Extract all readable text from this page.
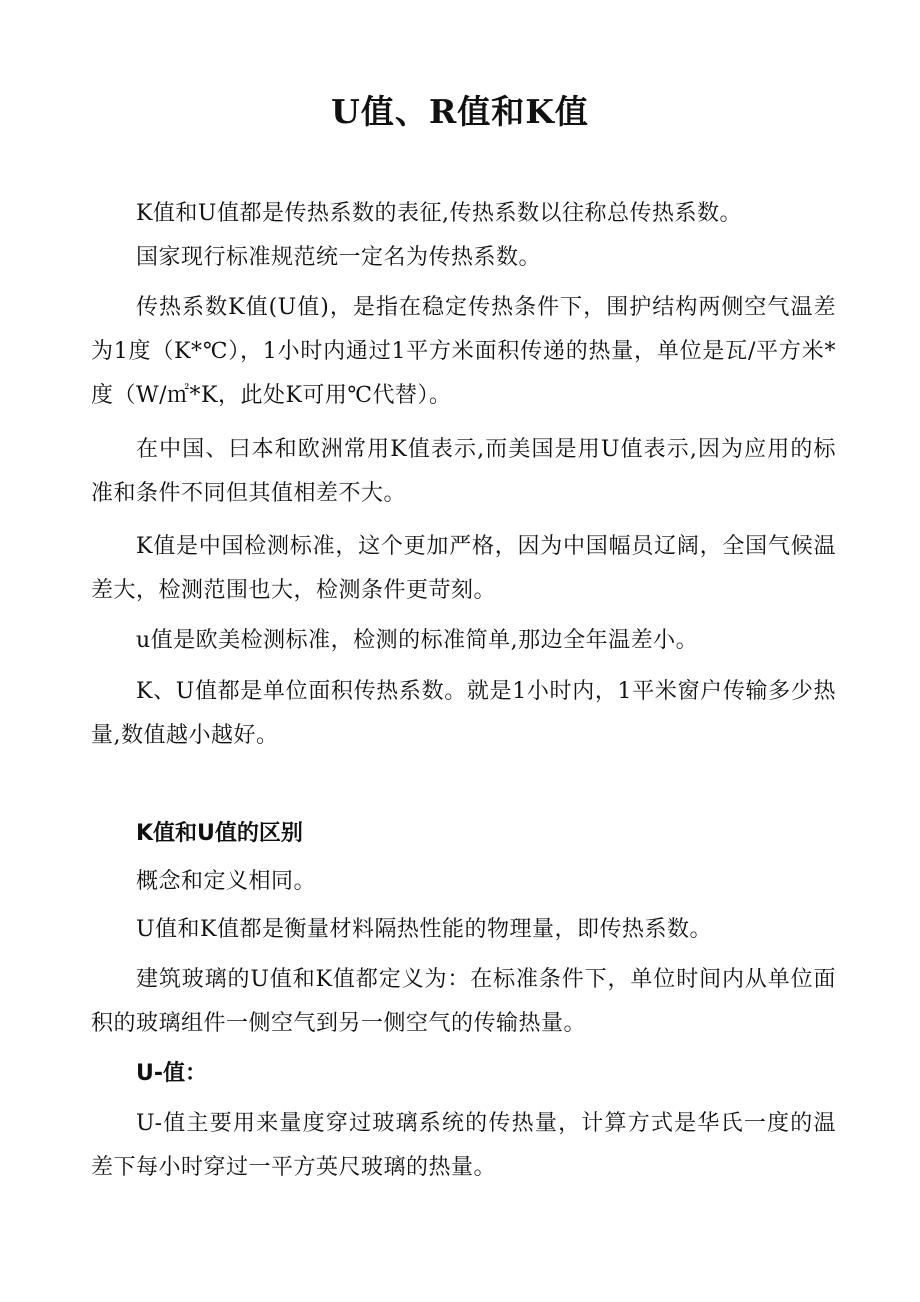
U值、R值和K值

K值和U值都是传热系数的表征,传热系数以往称总传热系数。

国家现行标准规范统一定名为传热系数。

传热系数K值(U值)，是指在稳定传热条件下，围护结构两侧空气温差为1度（K*℃），1小时内通过1平方米面积传递的热量，单位是瓦/平方米*度（W/㎡*K，此处K可用℃代替）。

在中国、曰本和欧洲常用K值表示,而美国是用U值表示,因为应用的标准和条件不同但其值相差不大。

K值是中国检测标准，这个更加严格，因为中国幅员辽阔，全国气候温差大，检测范围也大，检测条件更苛刻。

u值是欧美检测标准，检测的标准简单,那边全年温差小。

K、U值都是单位面积传热系数。就是1小时内，1平米窗户传输多少热量,数值越小越好。

K值和U值的区别

概念和定义相同。

U值和K值都是衡量材料隔热性能的物理量，即传热系数。

建筑玻璃的U值和K值都定义为：在标准条件下，单位时间内从单位面积的玻璃组件一侧空气到另一侧空气的传输热量。

U-值：

U-值主要用来量度穿过玻璃系统的传热量，计算方式是华氏一度的温差下每小时穿过一平方英尺玻璃的热量。
